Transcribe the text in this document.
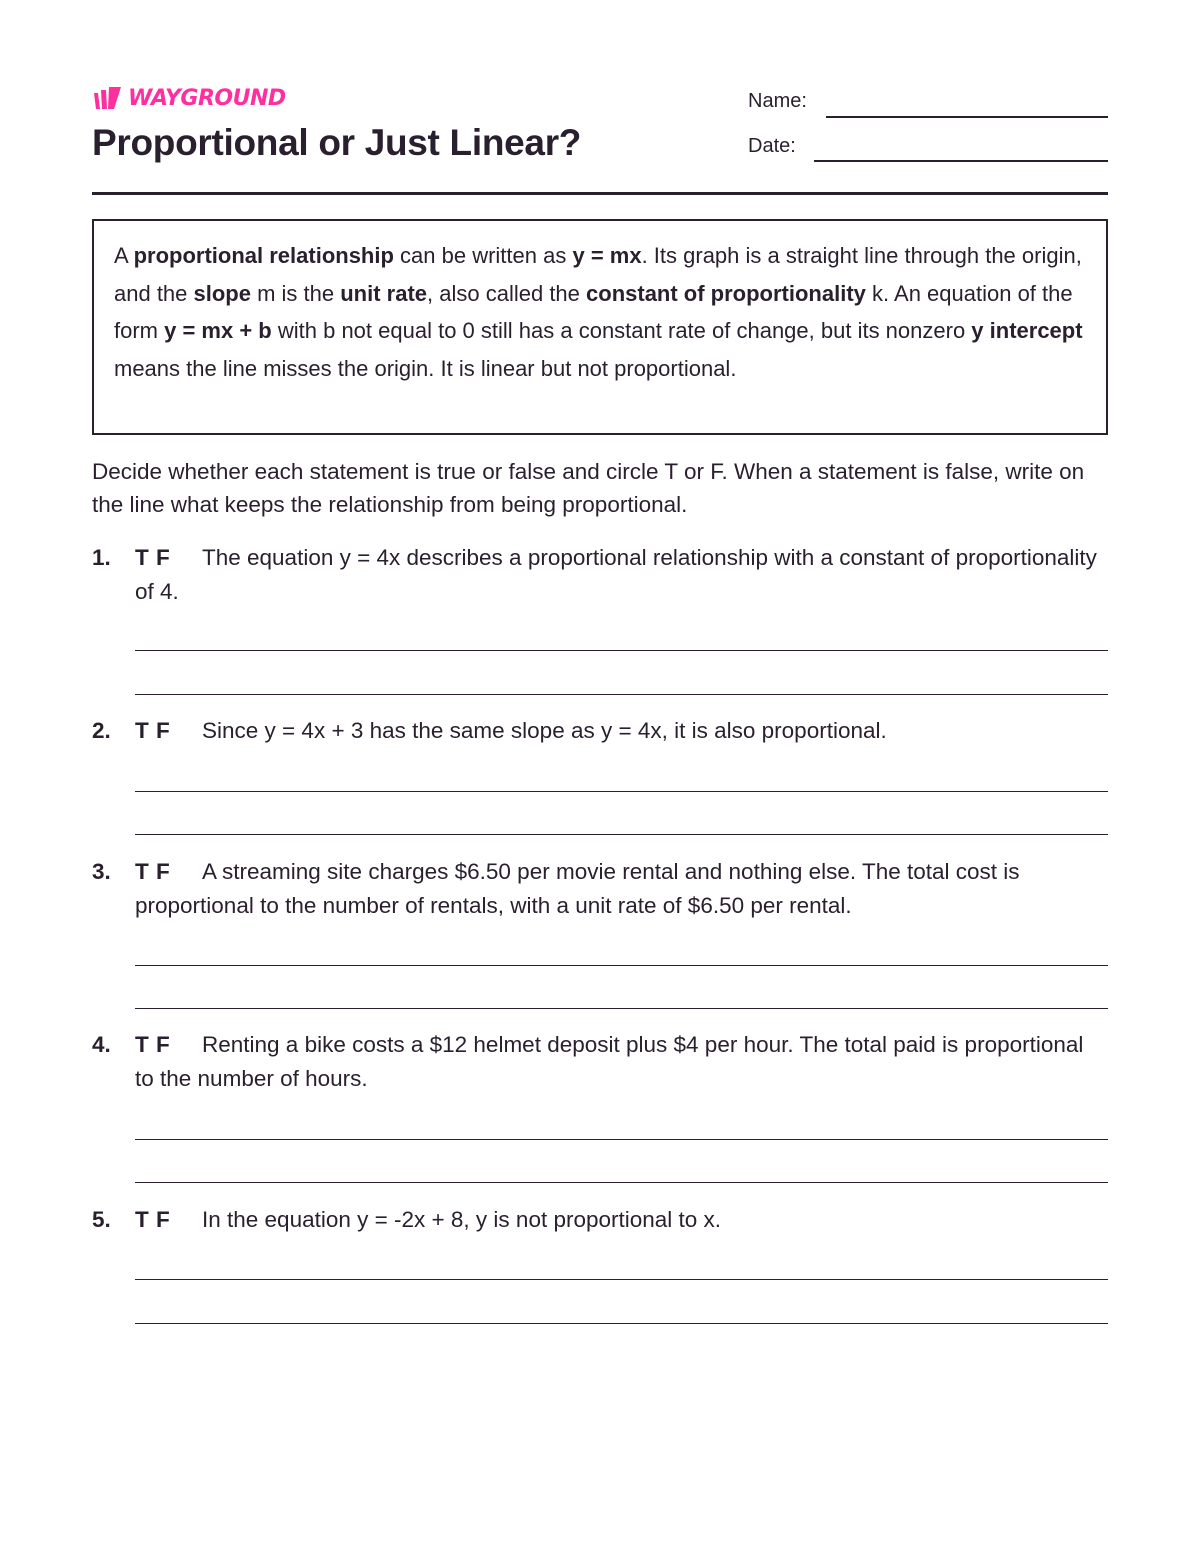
WAYGROUND
Proportional or Just Linear?
Name:
Date:
A proportional relationship can be written as y = mx. Its graph is a straight line through the origin, and the slope m is the unit rate, also called the constant of proportionality k. An equation of the form y = mx + b with b not equal to 0 still has a constant rate of change, but its nonzero y intercept means the line misses the origin. It is linear but not proportional.
Decide whether each statement is true or false and circle T or F. When a statement is false, write on the line what keeps the relationship from being proportional.
1. T F	The equation y = 4x describes a proportional relationship with a constant of proportionality of 4.
2. T F	Since y = 4x + 3 has the same slope as y = 4x, it is also proportional.
3. T F	A streaming site charges $6.50 per movie rental and nothing else. The total cost is proportional to the number of rentals, with a unit rate of $6.50 per rental.
4. T F	Renting a bike costs a $12 helmet deposit plus $4 per hour. The total paid is proportional to the number of hours.
5. T F	In the equation y = -2x + 8, y is not proportional to x.
